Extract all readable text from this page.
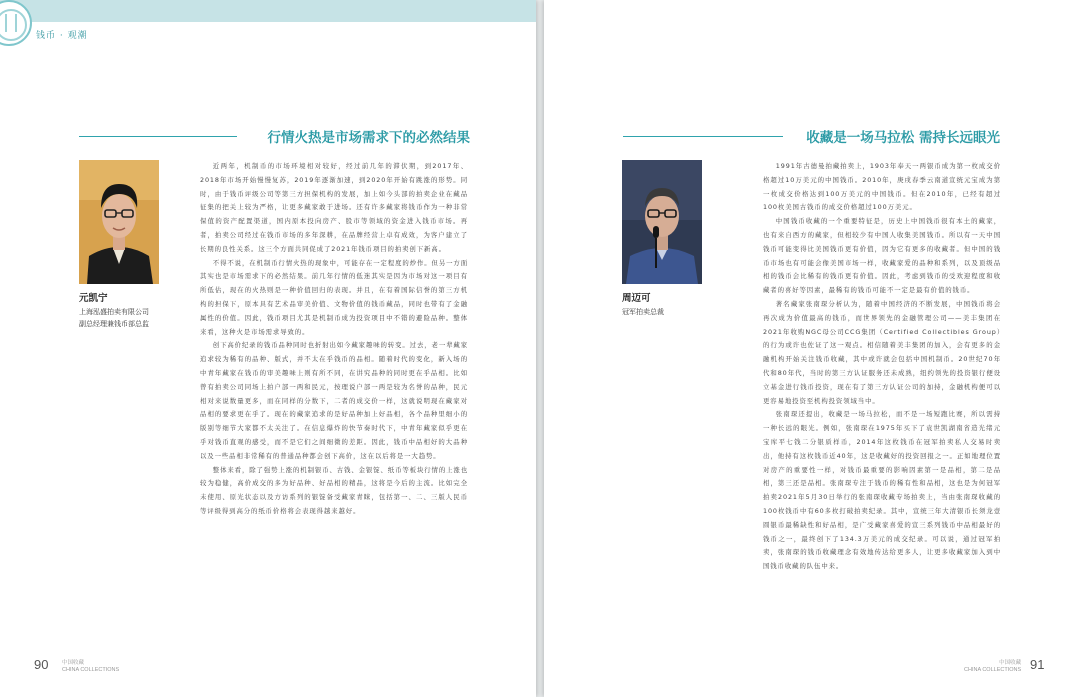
钱币 · 观潮
行情火热是市场需求下的必然结果
元凯宁
上海泓盛拍卖有限公司
副总经理兼钱币部总监

近两年，机制币的市场环境相对较好，经过前几年的滞伏期，到2017年、2018年市场开始慢慢复苏，2019年逐渐加速，到2020年开始有跳涨的形势。同时，由于钱币评级公司等第三方担保机构的发展，加上如今头部的拍卖企业在藏品征集的把关上较为严格，让更多藏家敢于进场。还有许多藏家将钱币作为一种非常保值的资产配置渠道，国内原本投向房产、股市等领域的资金进入钱币市场。再者，拍卖公司经过在钱币市场的多年深耕，在品牌经营上卓有成效，为客户建立了长期的良性关系。这三个方面共同促成了2021年钱币项目的拍卖创下新高。

不得不说，在机制币行情火热的现象中，可能存在一定程度的炒作。但另一方面其实也是市场需求下的必然结果。前几年行情的低迷其实是因为市场对这一项目有所低估，现在的火热则是一种价值回归的表现。并且，在有着国际信誉的第三方机构的担保下，原本具有艺术品审美价值、文物价值的钱币藏品，同时也带有了金融属性的价值。因此，钱币项目尤其是机制币成为投资项目中不错的避险品种。整体来看，这种火是市场需求导致的。

创下高价纪录的钱币品种同时也折射出如今藏家趣味的转变。过去，老一辈藏家追求较为稀有的品种、版式，并不太在乎钱币的品相。随着时代的变化，新入场的中青年藏家在钱币的审美趣味上则有所不同，在讲究品种的同时更在乎品相。比如曾有拍卖公司同场上拍户部一两和民元，按理说户部一两是较为名誉的品种，民元相对来说数量更多，而在同样的分数下，二者的成交价一样，这就说明现在藏家对品相的要求更在乎了。现在的藏家追求的是好品种加上好品相，各个品种里细小的版别等细节大家都不太关注了。在信息爆炸的快节奏时代下，中青年藏家似乎更在乎对钱币直观的感受，而不是它们之间细微的差距。因此，钱币中品相好的大品种以及一些品相非常稀有的普通品种都会创下高价，这在以后将是一大趋势。

整体来看，除了强势上涨的机制银币、古钱、金银锭、纸币等板块行情的上涨也较为稳健，高价成交的多为好品种、好品相的精品，这将是今后的主流。比如完全未使用、原光状态以及方访系列的银锭备受藏家青睐，包括第一、二、三版人民币等评级得到高分的纸币价格将会表现得越来越好。

90 中国收藏
CHINA COLLECTIONS
收藏是一场马拉松 需持长远眼光
周迈可
冠军拍卖总裁

1991年古德曼拍藏拍卖上，1903年奉天一两银币成为第一枚成交价格超过10万美元的中国钱币。2010年，庚戌春季云南道宣统元宝成为第一枚成交价格达到100万美元的中国钱币。但在2010年，已经有超过100枚美国古钱币的成交价格超过100万美元。

中国钱币收藏的一个重要特征是，历史上中国钱币很有本土的藏家，也有来自西方的藏家，但相较少有中国人收集美国钱币。所以有一天中国钱币可能变得比美国钱币更有价值，因为它有更多的收藏者。但中国的钱币市场也有可能会像美国市场一样，收藏家爱的品种和系列，以及顶级品相的钱币会比稀有的钱币更有价值。因此，考虑到钱币的受欢迎程度和收藏者的喜好等因素，最稀有的钱币可能不一定是最有价值的钱币。

著名藏家张南琛分析认为，随着中国经济的不断发展，中国钱币将会再次成为价值最高的钱币，而世界领先的金融管理公司——美丰集团在2021年收购NGC母公司CCG集团（Certified Collectibles Group）的行为或许也佐证了这一观点。相信随着美丰集团的加入，会有更多的金融机构开始关注钱币收藏，其中或许就会包括中国机制币。20世纪70年代和80年代，当时的第三方认证服务还未成熟，纽约领先的投资银行便设立基金进行钱币投资，现在有了第三方认证公司的加持，金融机构便可以更容易地投资至机构投资领域当中。

张南琛还提出，收藏是一场马拉松，而不是一场短跑比赛，所以需持一种长远的眼光。例如，张南琛在1975年买下了袁世凯湖南省造光绪元宝库平七钱二分银质样币，2014年这枚钱币在冠军拍卖私人交易时卖出，他持有这枚钱币近40年，这是收藏好的投资回报之一。正如地理位置对房产的重要性一样，对钱币最重要的影响因素第一是品相，第二是品相，第三还是品相。张南琛专注于钱币的稀有性和品相，这也是为何冠军拍卖2021年5月30日举行的张南琛收藏专场拍卖上，当由张南琛收藏的100枚钱币中有60多枚打破拍卖纪录。其中，宣统三年大清银币长须龙壹圆银币最稀缺性和好品相，是广受藏家喜爱的宣三系列钱币中品相最好的钱币之一，最终创下了134.3万美元的成交纪录。可以说，通过冠军拍卖，张南琛的钱币收藏理念有效地传达给更多人，让更多收藏家加入到中国钱币收藏的队伍中来。

中国收藏
CHINA COLLECTIONS 91
